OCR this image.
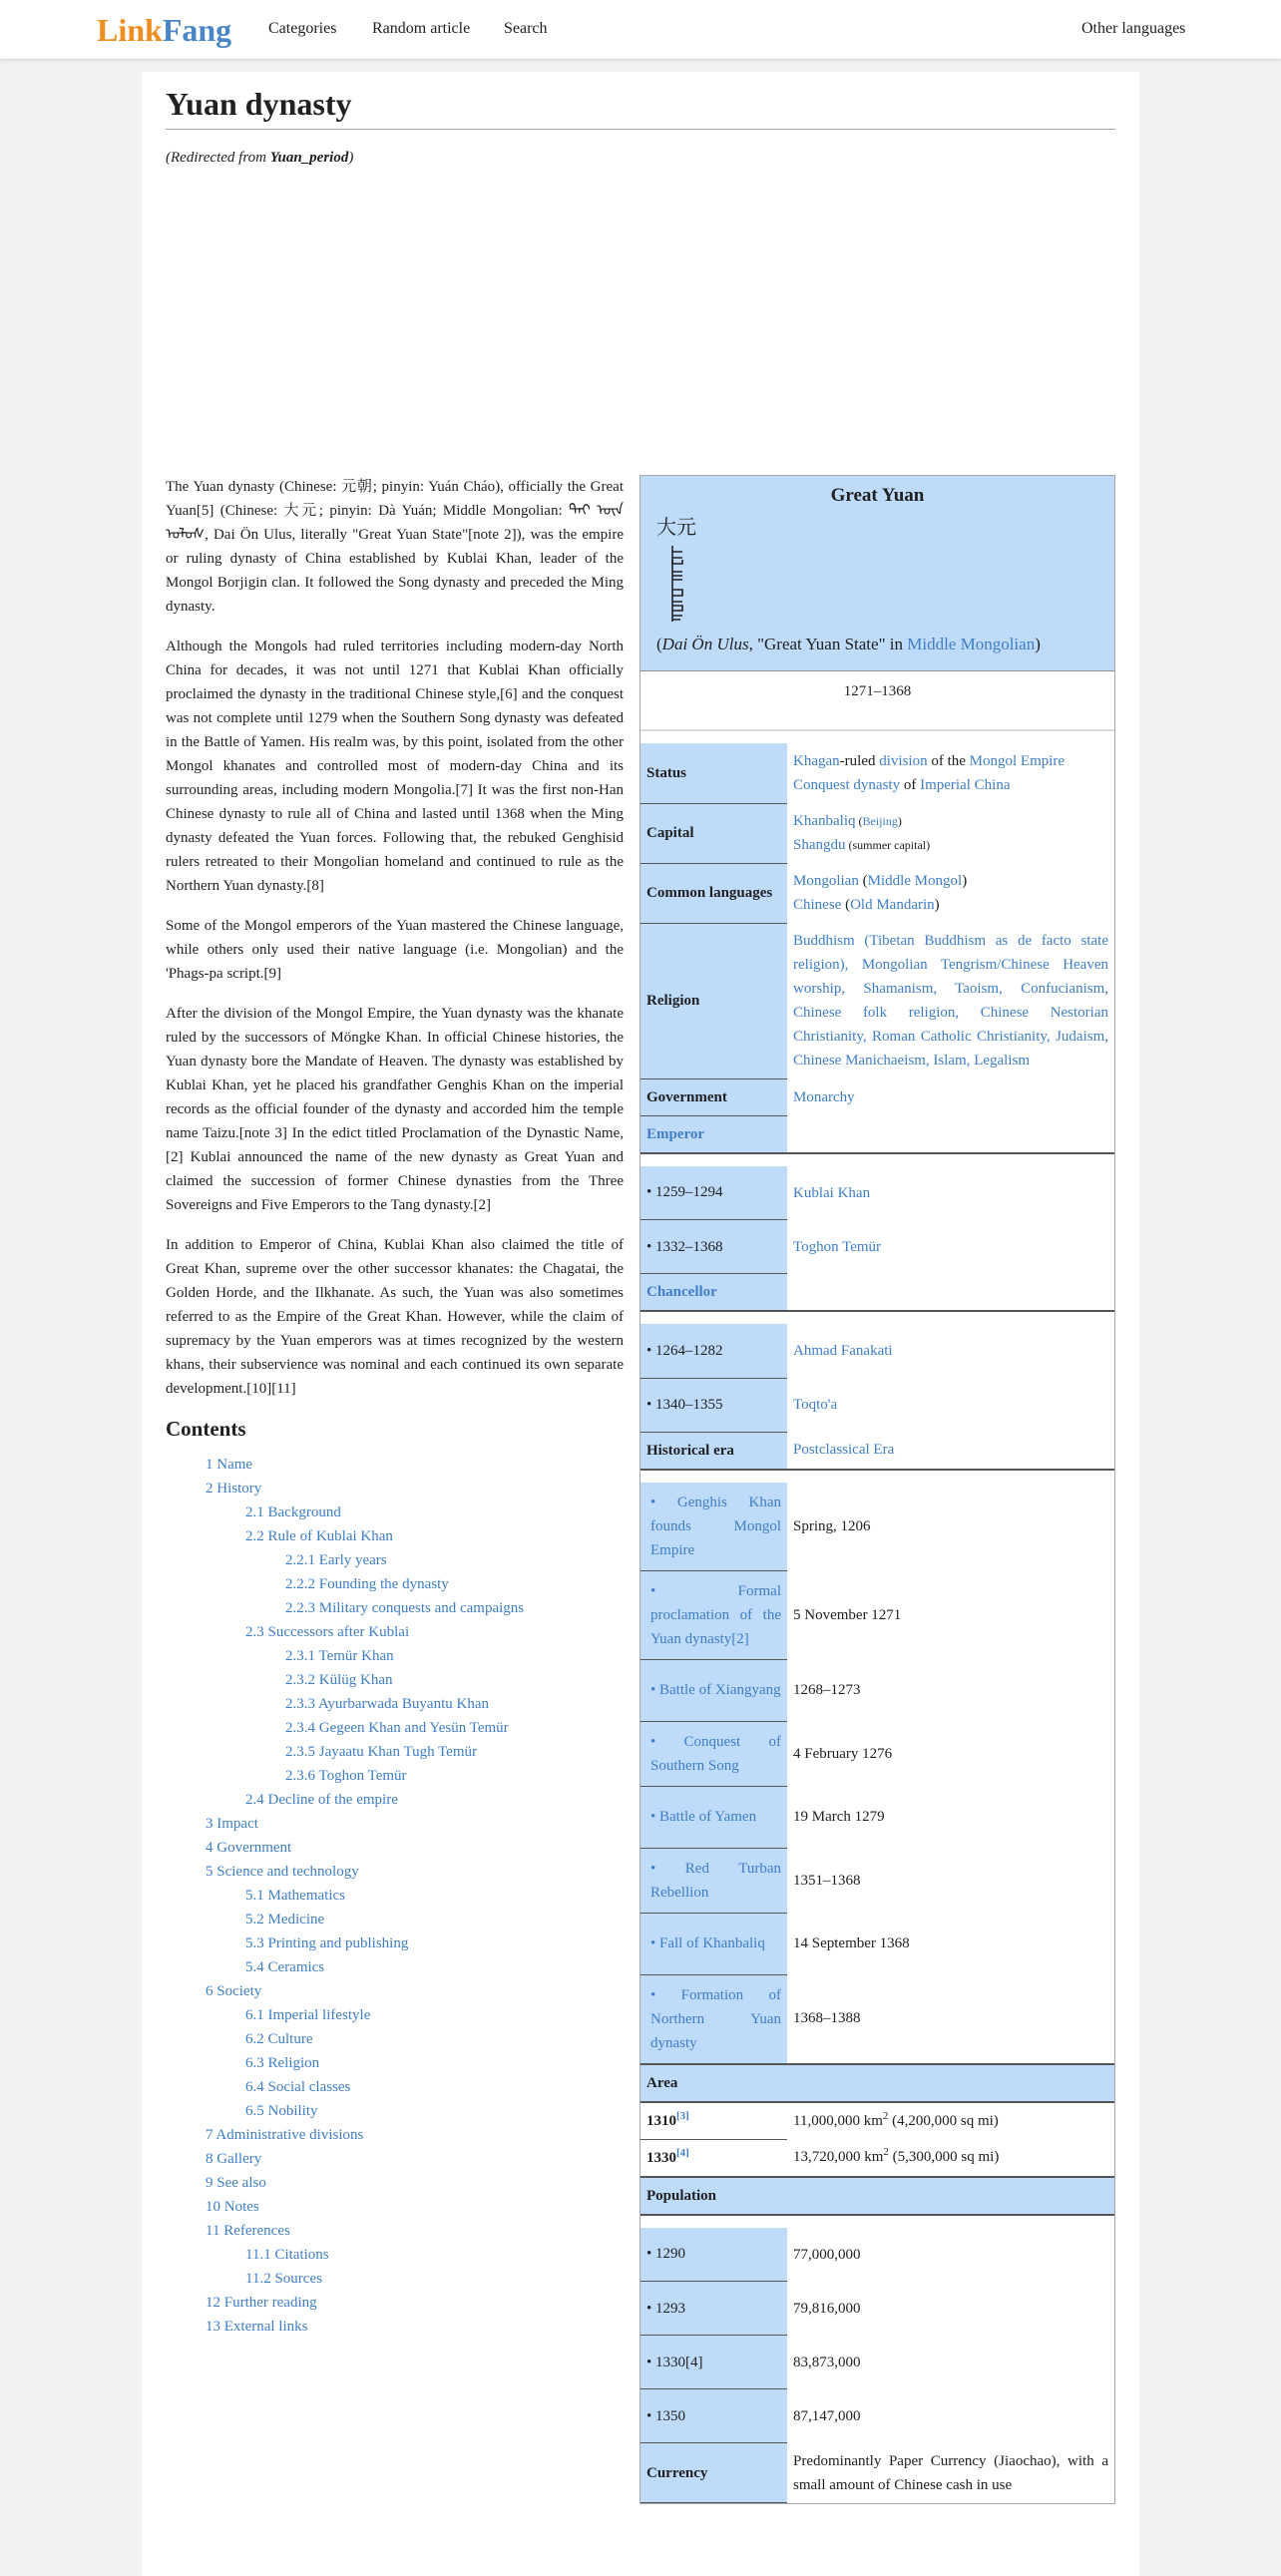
LinkFang Categories Random article Search	Other languages
Yuan dynasty
(Redirected from Yuan_period)

The Yuan dynasty (Chinese: 元朝; pinyin: Yuán Cháo), officially the Great Yuan[5] (Chinese: 大元; pinyin: Dà Yuán; Middle Mongolian: ᠳᠠᠢ ᠦᠨ ᠤᠯᠤᠰ, Dai Ön Ulus, literally "Great Yuan State"[note 2]), was the empire or ruling dynasty of China established by Kublai Khan, leader of the Mongol Borjigin clan. It followed the Song dynasty and preceded the Ming dynasty.

Although the Mongols had ruled territories including modern-day North China for decades, it was not until 1271 that Kublai Khan officially proclaimed the dynasty in the traditional Chinese style,[6] and the conquest was not complete until 1279 when the Southern Song dynasty was defeated in the Battle of Yamen. His realm was, by this point, isolated from the other Mongol khanates and controlled most of modern-day China and its surrounding areas, including modern Mongolia.[7] It was the first non-Han Chinese dynasty to rule all of China and lasted until 1368 when the Ming dynasty defeated the Yuan forces. Following that, the rebuked Genghisid rulers retreated to their Mongolian homeland and continued to rule as the Northern Yuan dynasty.[8]

Some of the Mongol emperors of the Yuan mastered the Chinese language, while others only used their native language (i.e. Mongolian) and the 'Phags-pa script.[9]

After the division of the Mongol Empire, the Yuan dynasty was the khanate ruled by the successors of Möngke Khan. In official Chinese histories, the Yuan dynasty bore the Mandate of Heaven. The dynasty was established by Kublai Khan, yet he placed his grandfather Genghis Khan on the imperial records as the official founder of the dynasty and accorded him the temple name Taizu.[note 3] In the edict titled Proclamation of the Dynastic Name,[2] Kublai announced the name of the new dynasty as Great Yuan and claimed the succession of former Chinese dynasties from the Three Sovereigns and Five Emperors to the Tang dynasty.[2]

In addition to Emperor of China, Kublai Khan also claimed the title of Great Khan, supreme over the other successor khanates: the Chagatai, the Golden Horde, and the Ilkhanate. As such, the Yuan was also sometimes referred to as the Empire of the Great Khan. However, while the claim of supremacy by the Yuan emperors was at times recognized by the western khans, their subservience was nominal and each continued its own separate development.[10][11]

Contents
1 Name
2 History
2.1 Background
2.2 Rule of Kublai Khan
2.2.1 Early years
2.2.2 Founding the dynasty
2.2.3 Military conquests and campaigns
2.3 Successors after Kublai
2.3.1 Temür Khan
2.3.2 Külüg Khan
2.3.3 Ayurbarwada Buyantu Khan
2.3.4 Gegeen Khan and Yesün Temür
2.3.5 Jayaatu Khan Tugh Temür
2.3.6 Toghon Temür
2.4 Decline of the empire
3 Impact
4 Government
5 Science and technology
5.1 Mathematics
5.2 Medicine
5.3 Printing and publishing
5.4 Ceramics
6 Society
6.1 Imperial lifestyle
6.2 Culture
6.3 Religion
6.4 Social classes
6.5 Nobility
7 Administrative divisions
8 Gallery
9 See also
10 Notes
11 References
11.1 Citations
11.2 Sources
12 Further reading
13 External links
Great Yuan
大元
(Dai Ön Ulus, "Great Yuan State" in Middle Mongolian)
1271–1368

Status	Khagan-ruled division of the Mongol Empire
Conquest dynasty of Imperial China
Capital	Khanbaliq (Beijing)
Shangdu (summer capital)
Common languages	Mongolian (Middle Mongol)
Chinese (Old Mandarin)
Religion	Buddhism (Tibetan Buddhism as de facto state religion), Mongolian Tengrism/Chinese Heaven worship, Shamanism, Taoism, Confucianism, Chinese folk religion, Chinese Nestorian Christianity, Roman Catholic Christianity, Judaism, Chinese Manichaeism, Islam, Legalism
Government	Monarchy
Emperor	

• 1259–1294	Kublai Khan
• 1332–1368	Toghon Temür
Chancellor	

• 1264–1282	Ahmad Fanakati
• 1340–1355	Toqto'a
Historical era	Postclassical Era

• Genghis Khan founds Mongol Empire	Spring, 1206
• Formal proclamation of the Yuan dynasty[2]	5 November 1271
• Battle of Xiangyang	1268–1273
• Conquest of Southern Song	4 February 1276
• Battle of Yamen	19 March 1279
• Red Turban Rebellion	1351–1368
• Fall of Khanbaliq	14 September 1368
• Formation of Northern Yuan dynasty	1368–1388
Area	
1310[3]	11,000,000 $km^2$ (4,200,000 sq mi)
1330[4]	13,720,000 $km^2$ (5,300,000 sq mi)
Population	

• 1290	77,000,000
• 1293	79,816,000
• 1330[4]	83,873,000
• 1350	87,147,000
Currency	Predominantly Paper Currency (Jiaochao), with a small amount of Chinese cash in use
